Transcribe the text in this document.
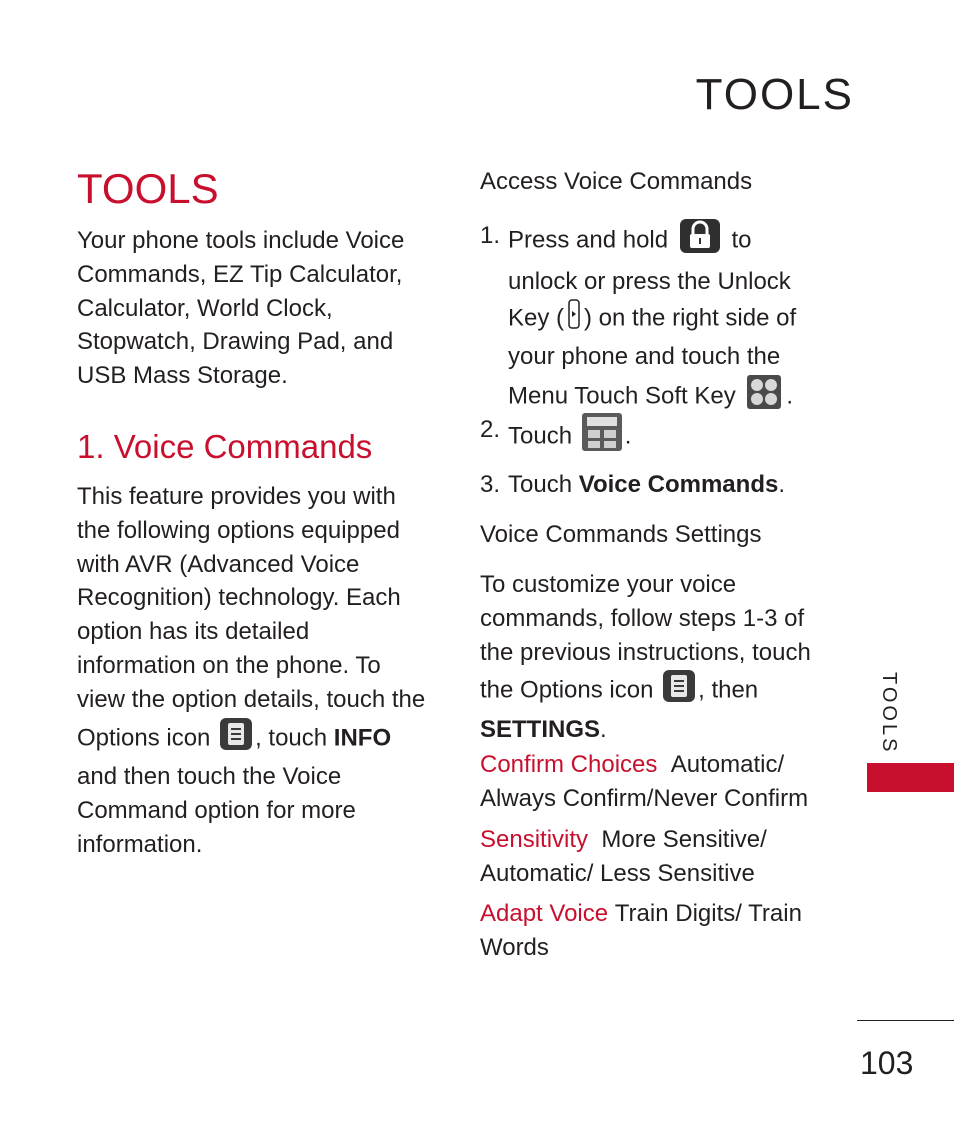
TOOLS
TOOLS
Your phone tools include Voice Commands, EZ Tip Calculator, Calculator, World Clock, Stopwatch, Drawing Pad, and USB Mass Storage.
1. Voice Commands
This feature provides you with the following options equipped with AVR (Advanced Voice Recognition) technology. Each option has its detailed information on the phone. To view the option details, touch the Options icon , touch INFO and then touch the Voice Command option for more information.
Access Voice Commands
1. Press and hold	to unlock or press the Unlock Key ( ) on the right side of your phone and touch the Menu Touch Soft Key .
2. Touch .
3. Touch Voice Commands.
Voice Commands Settings
To customize your voice commands, follow steps 1-3 of the previous instructions, touch the Options icon , then SETTINGS.
Confirm Choices Automatic/ Always Confirm/Never Confirm
Sensitivity More Sensitive/ Automatic/ Less Sensitive
Adapt Voice Train Digits/ Train Words
TOOLS
103
